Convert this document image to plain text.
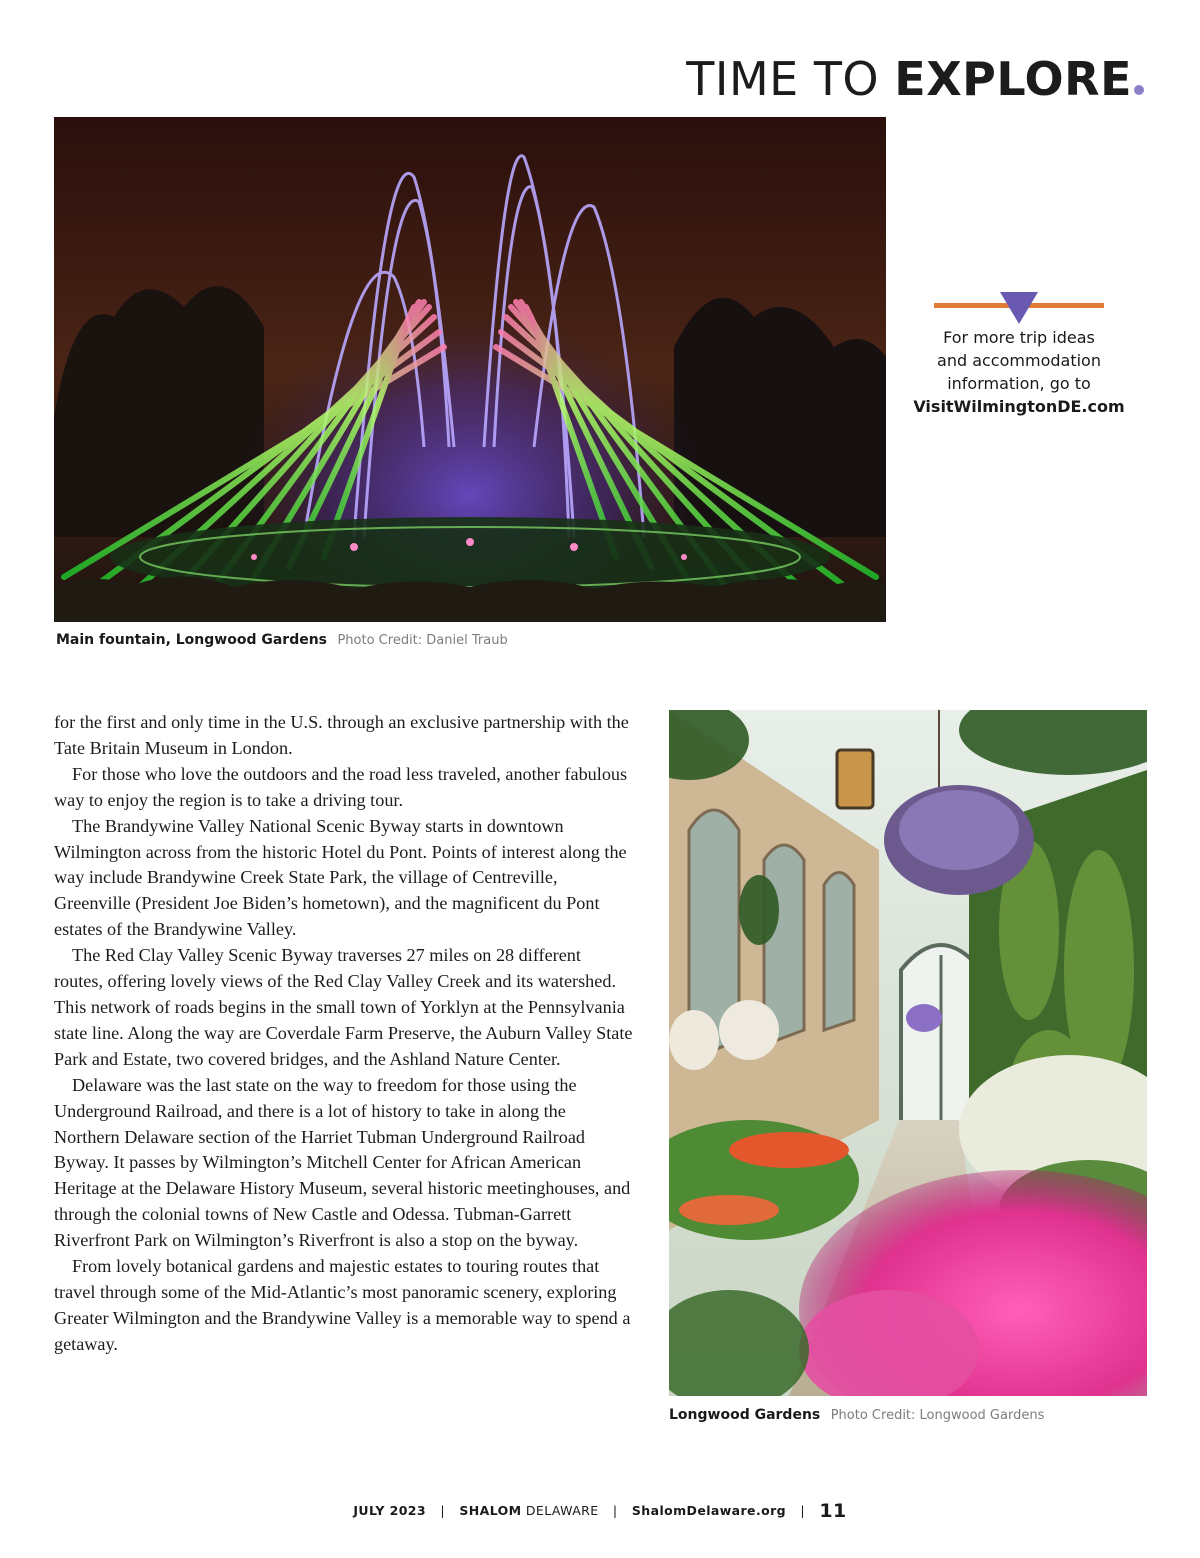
TIME TO EXPLORE
Main fountain, Longwood Gardens Photo Credit: Daniel Traub

For more trip ideas

and accommodation

information, go to

VisitWilmingtonDE.com

for the first and only time in the U.S. through an exclusive partnership with the Tate Britain Museum in London.

For those who love the outdoors and the road less traveled, another fabulous way to enjoy the region is to take a driving tour.

The Brandywine Valley National Scenic Byway starts in downtown Wilmington across from the historic Hotel du Pont. Points of interest along the way include Brandywine Creek State Park, the village of Centreville, Greenville (President Joe Biden’s hometown), and the magnificent du Pont estates of the Brandywine Valley.

The Red Clay Valley Scenic Byway traverses 27 miles on 28 different routes, offering lovely views of the Red Clay Valley Creek and its watershed. This network of roads begins in the small town of Yorklyn at the Pennsylvania state line. Along the way are Coverdale Farm Preserve, the Auburn Valley State Park and Estate, two covered bridges, and the Ashland Nature Center.

Delaware was the last state on the way to freedom for those using the Underground Railroad, and there is a lot of history to take in along the Northern Delaware section of the Harriet Tubman Underground Railroad Byway. It passes by Wilmington’s Mitchell Center for African American Heritage at the Delaware History Museum, several historic meetinghouses, and through the colonial towns of New Castle and Odessa. Tubman-Garrett Riverfront Park on Wilmington’s Riverfront is also a stop on the byway.

From lovely botanical gardens and majestic estates to touring routes that travel through some of the Mid-Atlantic’s most panoramic scenery, exploring Greater Wilmington and the Brandywine Valley is a memorable way to spend a getaway.

Longwood Gardens Photo Credit: Longwood Gardens
JULY 2023 | SHALOM DELAWARE | ShalomDelaware.org | 11
